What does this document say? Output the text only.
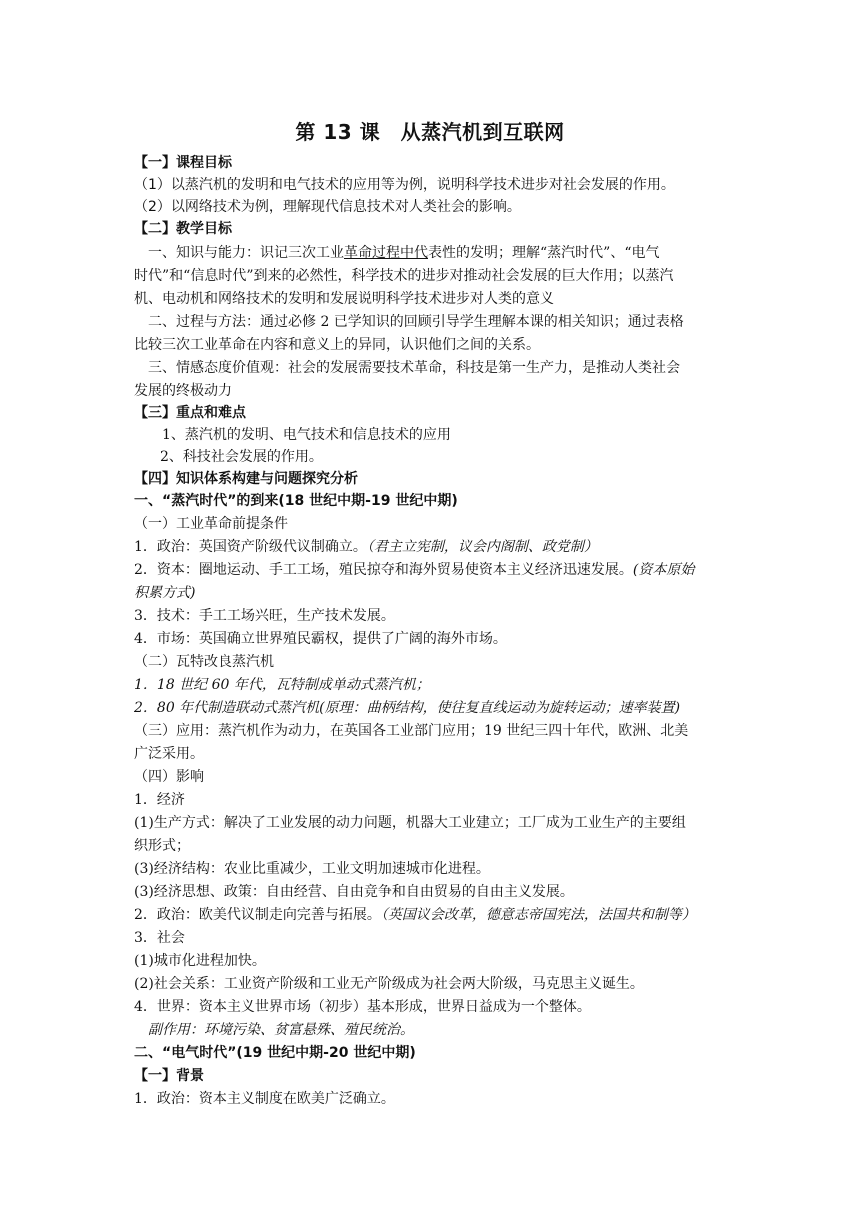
第 13 课　从蒸汽机到互联网
【一】课程目标
（1）以蒸汽机的发明和电气技术的应用等为例，说明科学技术进步对社会发展的作用。
（2）以网络技术为例，理解现代信息技术对人类社会的影响。
【二】教学目标
一、知识与能力：识记三次工业革命过程中代表性的发明；理解“蒸汽时代”、“电气
时代”和“信息时代”到来的必然性，科学技术的进步对推动社会发展的巨大作用；以蒸汽
机、电动机和网络技术的发明和发展说明科学技术进步对人类的意义
二、过程与方法：通过必修 2 已学知识的回顾引导学生理解本课的相关知识；通过表格
比较三次工业革命在内容和意义上的异同，认识他们之间的关系。
三、情感态度价值观：社会的发展需要技术革命，科技是第一生产力，是推动人类社会
发展的终极动力
【三】重点和难点
1、蒸汽机的发明、电气技术和信息技术的应用
2、科技社会发展的作用。
【四】知识体系构建与问题探究分析
一、“蒸汽时代”的到来(18 世纪中期-19 世纪中期)
（一）工业革命前提条件
1．政治：英国资产阶级代议制确立。（君主立宪制，议会内阁制、政党制）
2．资本：圈地运动、手工工场，殖民掠夺和海外贸易使资本主义经济迅速发展。(资本原始
积累方式)
3．技术：手工工场兴旺，生产技术发展。
4．市场：英国确立世界殖民霸权，提供了广阔的海外市场。
（二）瓦特改良蒸汽机
1．18 世纪 60 年代，瓦特制成单动式蒸汽机；
2．80 年代制造联动式蒸汽机(原理：曲柄结构，使往复直线运动为旋转运动；速率装置)
（三）应用：蒸汽机作为动力，在英国各工业部门应用；19 世纪三四十年代，欧洲、北美
广泛采用。
（四）影响
1．经济
(1)生产方式：解决了工业发展的动力问题，机器大工业建立；工厂成为工业生产的主要组
织形式；
(3)经济结构：农业比重减少，工业文明加速城市化进程。
(3)经济思想、政策：自由经营、自由竞争和自由贸易的自由主义发展。
2．政治：欧美代议制走向完善与拓展。（英国议会改革，德意志帝国宪法，法国共和制等）
3．社会
(1)城市化进程加快。
(2)社会关系：工业资产阶级和工业无产阶级成为社会两大阶级，马克思主义诞生。
4．世界：资本主义世界市场（初步）基本形成，世界日益成为一个整体。
副作用：环境污染、贫富悬殊、殖民统治。
二、“电气时代”(19 世纪中期-20 世纪中期)
【一】背景
1．政治：资本主义制度在欧美广泛确立。
